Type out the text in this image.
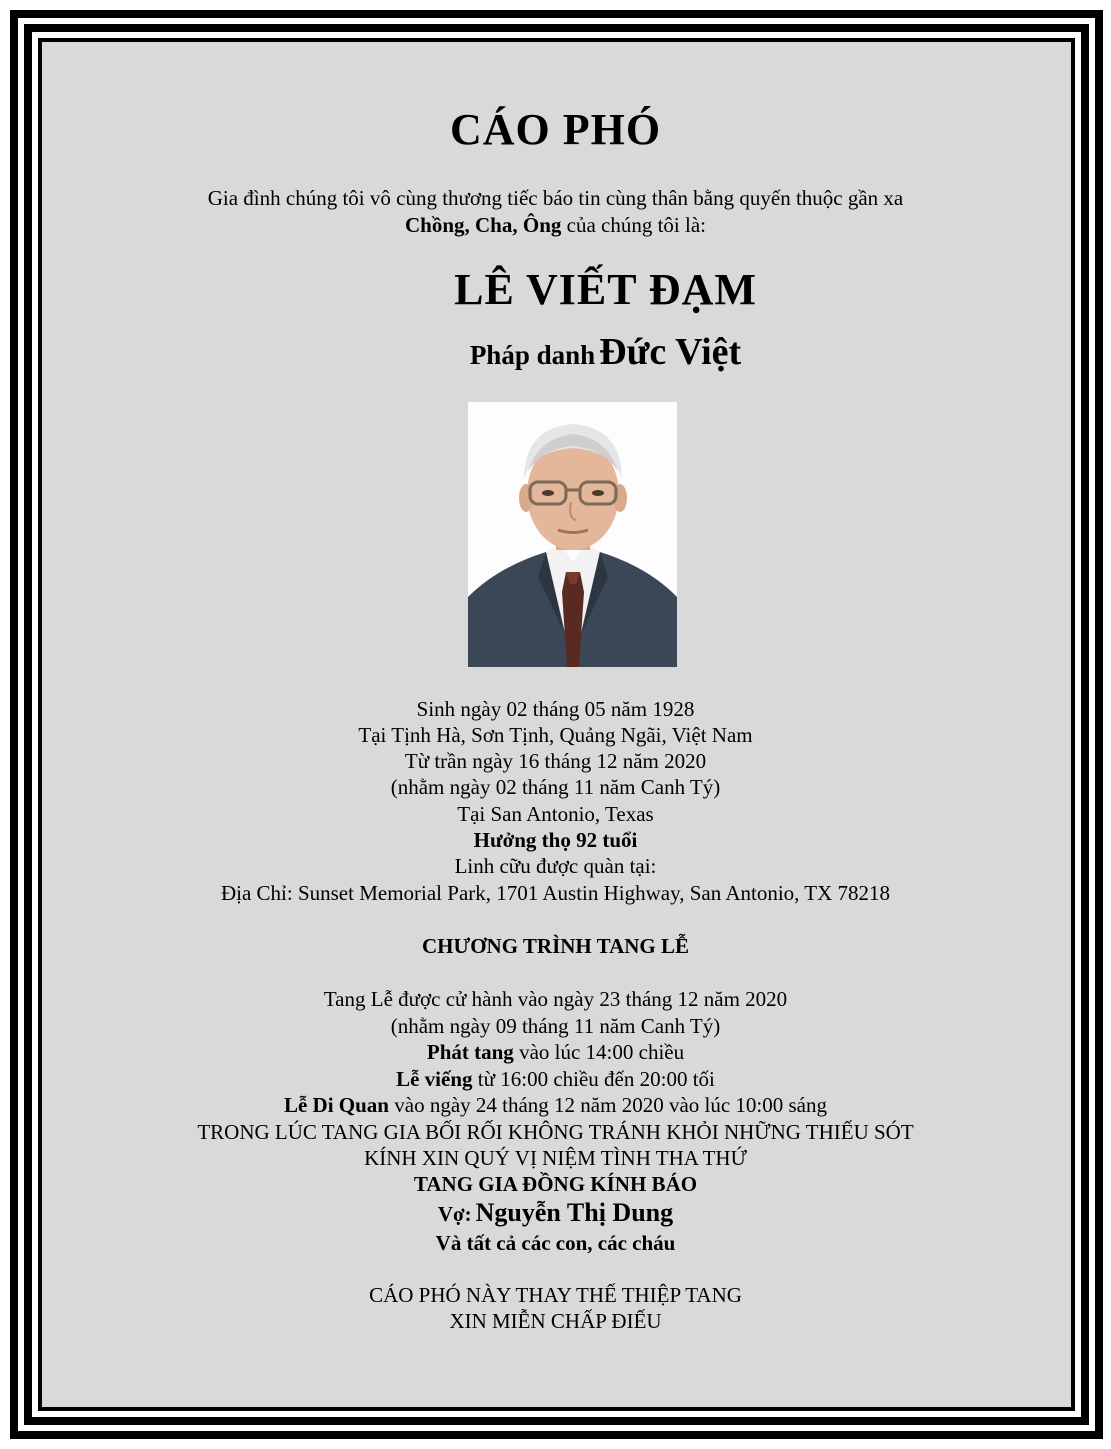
CÁO PHÓ
Gia đình chúng tôi vô cùng thương tiếc báo tin cùng thân bằng quyến thuộc gần xa
Chồng, Cha, Ông của chúng tôi là:
LÊ VIẾT ĐẠM
Pháp danh Đức Việt
Sinh ngày 02 tháng 05 năm 1928
Tại Tịnh Hà, Sơn Tịnh, Quảng Ngãi, Việt Nam
Từ trần ngày 16 tháng 12 năm 2020
(nhằm ngày 02 tháng 11 năm Canh Tý)
Tại San Antonio, Texas
Hưởng thọ 92 tuổi
Linh cữu được quàn tại:
Địa Chỉ: Sunset Memorial Park, 1701 Austin Highway, San Antonio, TX 78218
CHƯƠNG TRÌNH TANG LỄ
Tang Lễ được cử hành vào ngày 23 tháng 12 năm 2020
(nhằm ngày 09 tháng 11 năm Canh Tý)
Phát tang vào lúc 14:00 chiều
Lễ viếng từ 16:00 chiều đến 20:00 tối
Lễ Di Quan vào ngày 24 tháng 12 năm 2020 vào lúc 10:00 sáng
TRONG LÚC TANG GIA BỐI RỐI KHÔNG TRÁNH KHỎI NHỮNG THIẾU SÓT
KÍNH XIN QUÝ VỊ NIỆM TÌNH THA THỨ
TANG GIA ĐỒNG KÍNH BÁO
Vợ: Nguyễn Thị Dung
Và tất cả các con, các cháu
CÁO PHÓ NÀY THAY THẾ THIỆP TANG
XIN MIỄN CHẤP ĐIẾU
